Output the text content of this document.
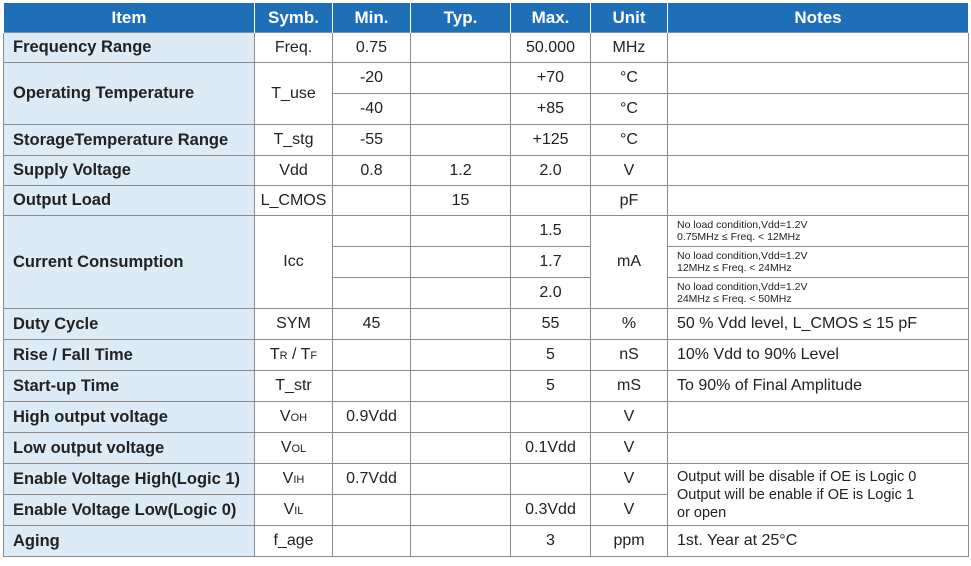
Item	Symb.	Min.	Typ.	Max.	Unit	Notes
Frequency Range	Freq.	0.75		50.000	MHz	
Operating Temperature	T_use	-20		+70	°C	
		-40		+85	°C	
StorageTemperature Range	T_stg	-55		+125	°C	
Supply Voltage	Vdd	0.8	1.2	2.0	V	
Output Load	L_CMOS		15		pF	
Current Consumption	Icc			1.5	mA	No load condition,Vdd=1.2V
0.75MHz ≤ Freq. < 12MHz
				1.7		No load condition,Vdd=1.2V
12MHz ≤ Freq. < 24MHz
				2.0		No load condition,Vdd=1.2V
24MHz ≤ Freq. < 50MHz
Duty Cycle	SYM	45		55	%	50 % Vdd level, L_CMOS ≤ 15 pF
Rise / Fall Time	TR / TF			5	nS	10% Vdd to 90% Level
Start-up Time	T_str			5	mS	To 90% of Final Amplitude
High output voltage	VOH	0.9Vdd			V	
Low output voltage	VOL			0.1Vdd	V	
Enable Voltage High(Logic 1)	VIH	0.7Vdd			V	Output will be disable if OE is Logic 0
Output will be enable if OE is Logic 1
or open
Enable Voltage Low(Logic 0)	VIL			0.3Vdd	V	
Aging	f_age			3	ppm	1st. Year at 25°C
